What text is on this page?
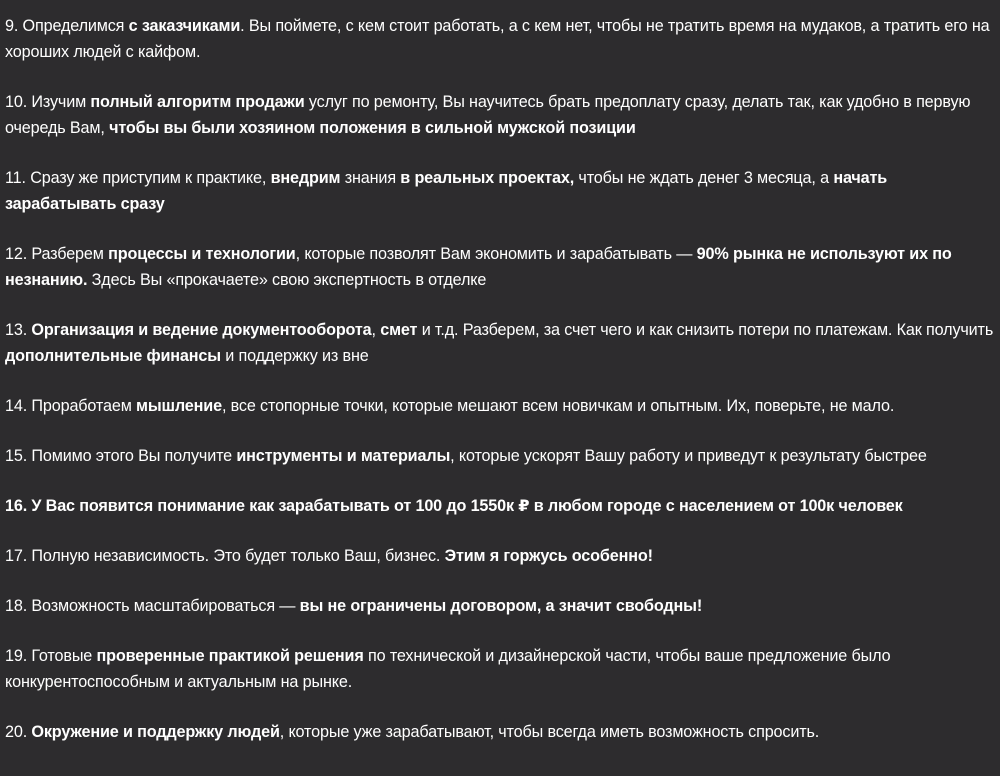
9. Определимся с заказчиками. Вы поймете, с кем стоит работать, а с кем нет, чтобы не тратить время на мудаков, а тратить его на хороших людей с кайфом.

10. Изучим полный алгоритм продажи услуг по ремонту, Вы научитесь брать предоплату сразу, делать так, как удобно в первую очередь Вам, чтобы вы были хозяином положения в сильной мужской позиции

11. Сразу же приступим к практике, внедрим знания в реальных проектах, чтобы не ждать денег 3 месяца, а начать зарабатывать сразу

12. Разберем процессы и технологии, которые позволят Вам экономить и зарабатывать — 90% рынка не используют их по незнанию. Здесь Вы «прокачаете» свою экспертность в отделке

13. Организация и ведение документооборота, смет и т.д. Разберем, за счет чего и как снизить потери по платежам. Как получить дополнительные финансы и поддержку из вне

14. Проработаем мышление, все стопорные точки, которые мешают всем новичкам и опытным. Их, поверьте, не мало.

15. Помимо этого Вы получите инструменты и материалы, которые ускорят Вашу работу и приведут к результату быстрее

16. У Вас появится понимание как зарабатывать от 100 до 1550к ₽ в любом городе с населением от 100к человек

17. Полную независимость. Это будет только Ваш, бизнес. Этим я горжусь особенно!

18. Возможность масштабироваться — вы не ограничены договором, а значит свободны!

19. Готовые проверенные практикой решения по технической и дизайнерской части, чтобы ваше предложение было конкурентоспособным и актуальным на рынке.

20. Окружение и поддержку людей, которые уже зарабатывают, чтобы всегда иметь возможность спросить.
